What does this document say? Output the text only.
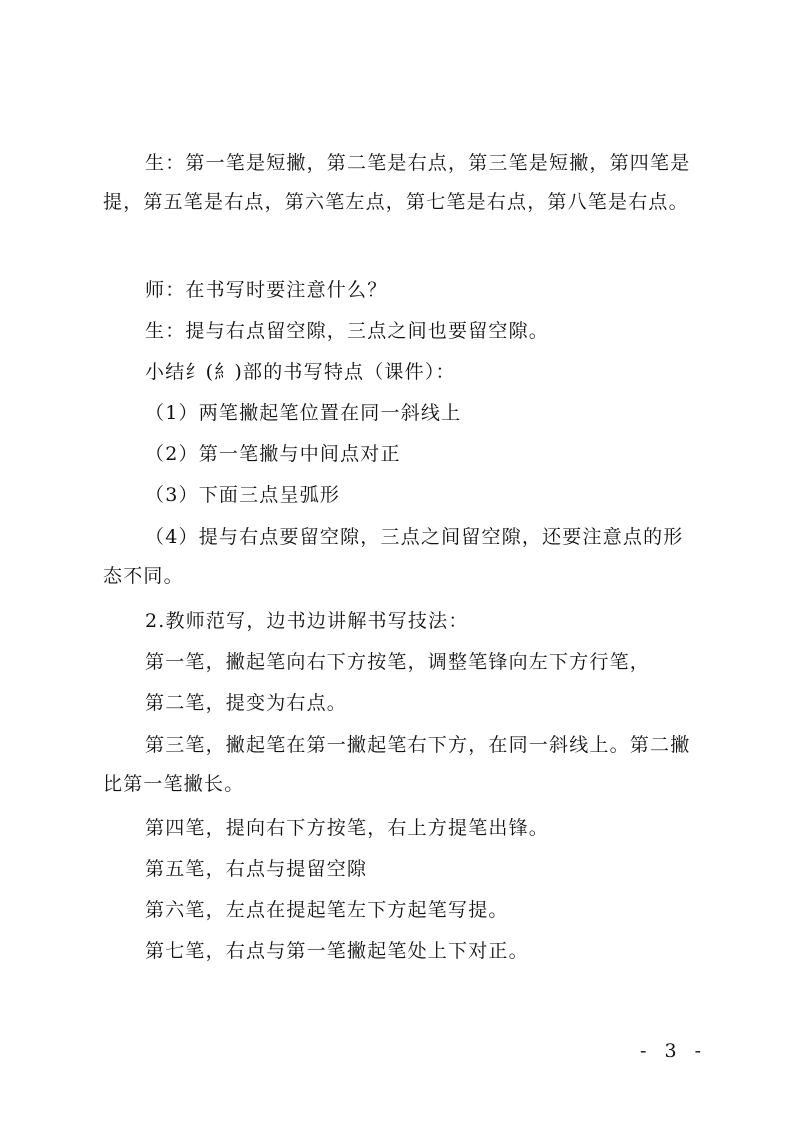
生：第一笔是短撇，第二笔是右点，第三笔是短撇，第四笔是提，第五笔是右点，第六笔左点，第七笔是右点，第八笔是右点。

师：在书写时要注意什么？

生：提与右点留空隙，三点之间也要留空隙。

小结纟(糹)部的书写特点（课件）：

（1）两笔撇起笔位置在同一斜线上

（2）第一笔撇与中间点对正

（3）下面三点呈弧形

（4）提与右点要留空隙，三点之间留空隙，还要注意点的形态不同。

2.教师范写，边书边讲解书写技法：

第一笔，撇起笔向右下方按笔，调整笔锋向左下方行笔，

第二笔，提变为右点。

第三笔，撇起笔在第一撇起笔右下方，在同一斜线上。第二撇比第一笔撇长。

第四笔，提向右下方按笔，右上方提笔出锋。

第五笔，右点与提留空隙

第六笔，左点在提起笔左下方起笔写提。

第七笔，右点与第一笔撇起笔处上下对正。

- 3 -
